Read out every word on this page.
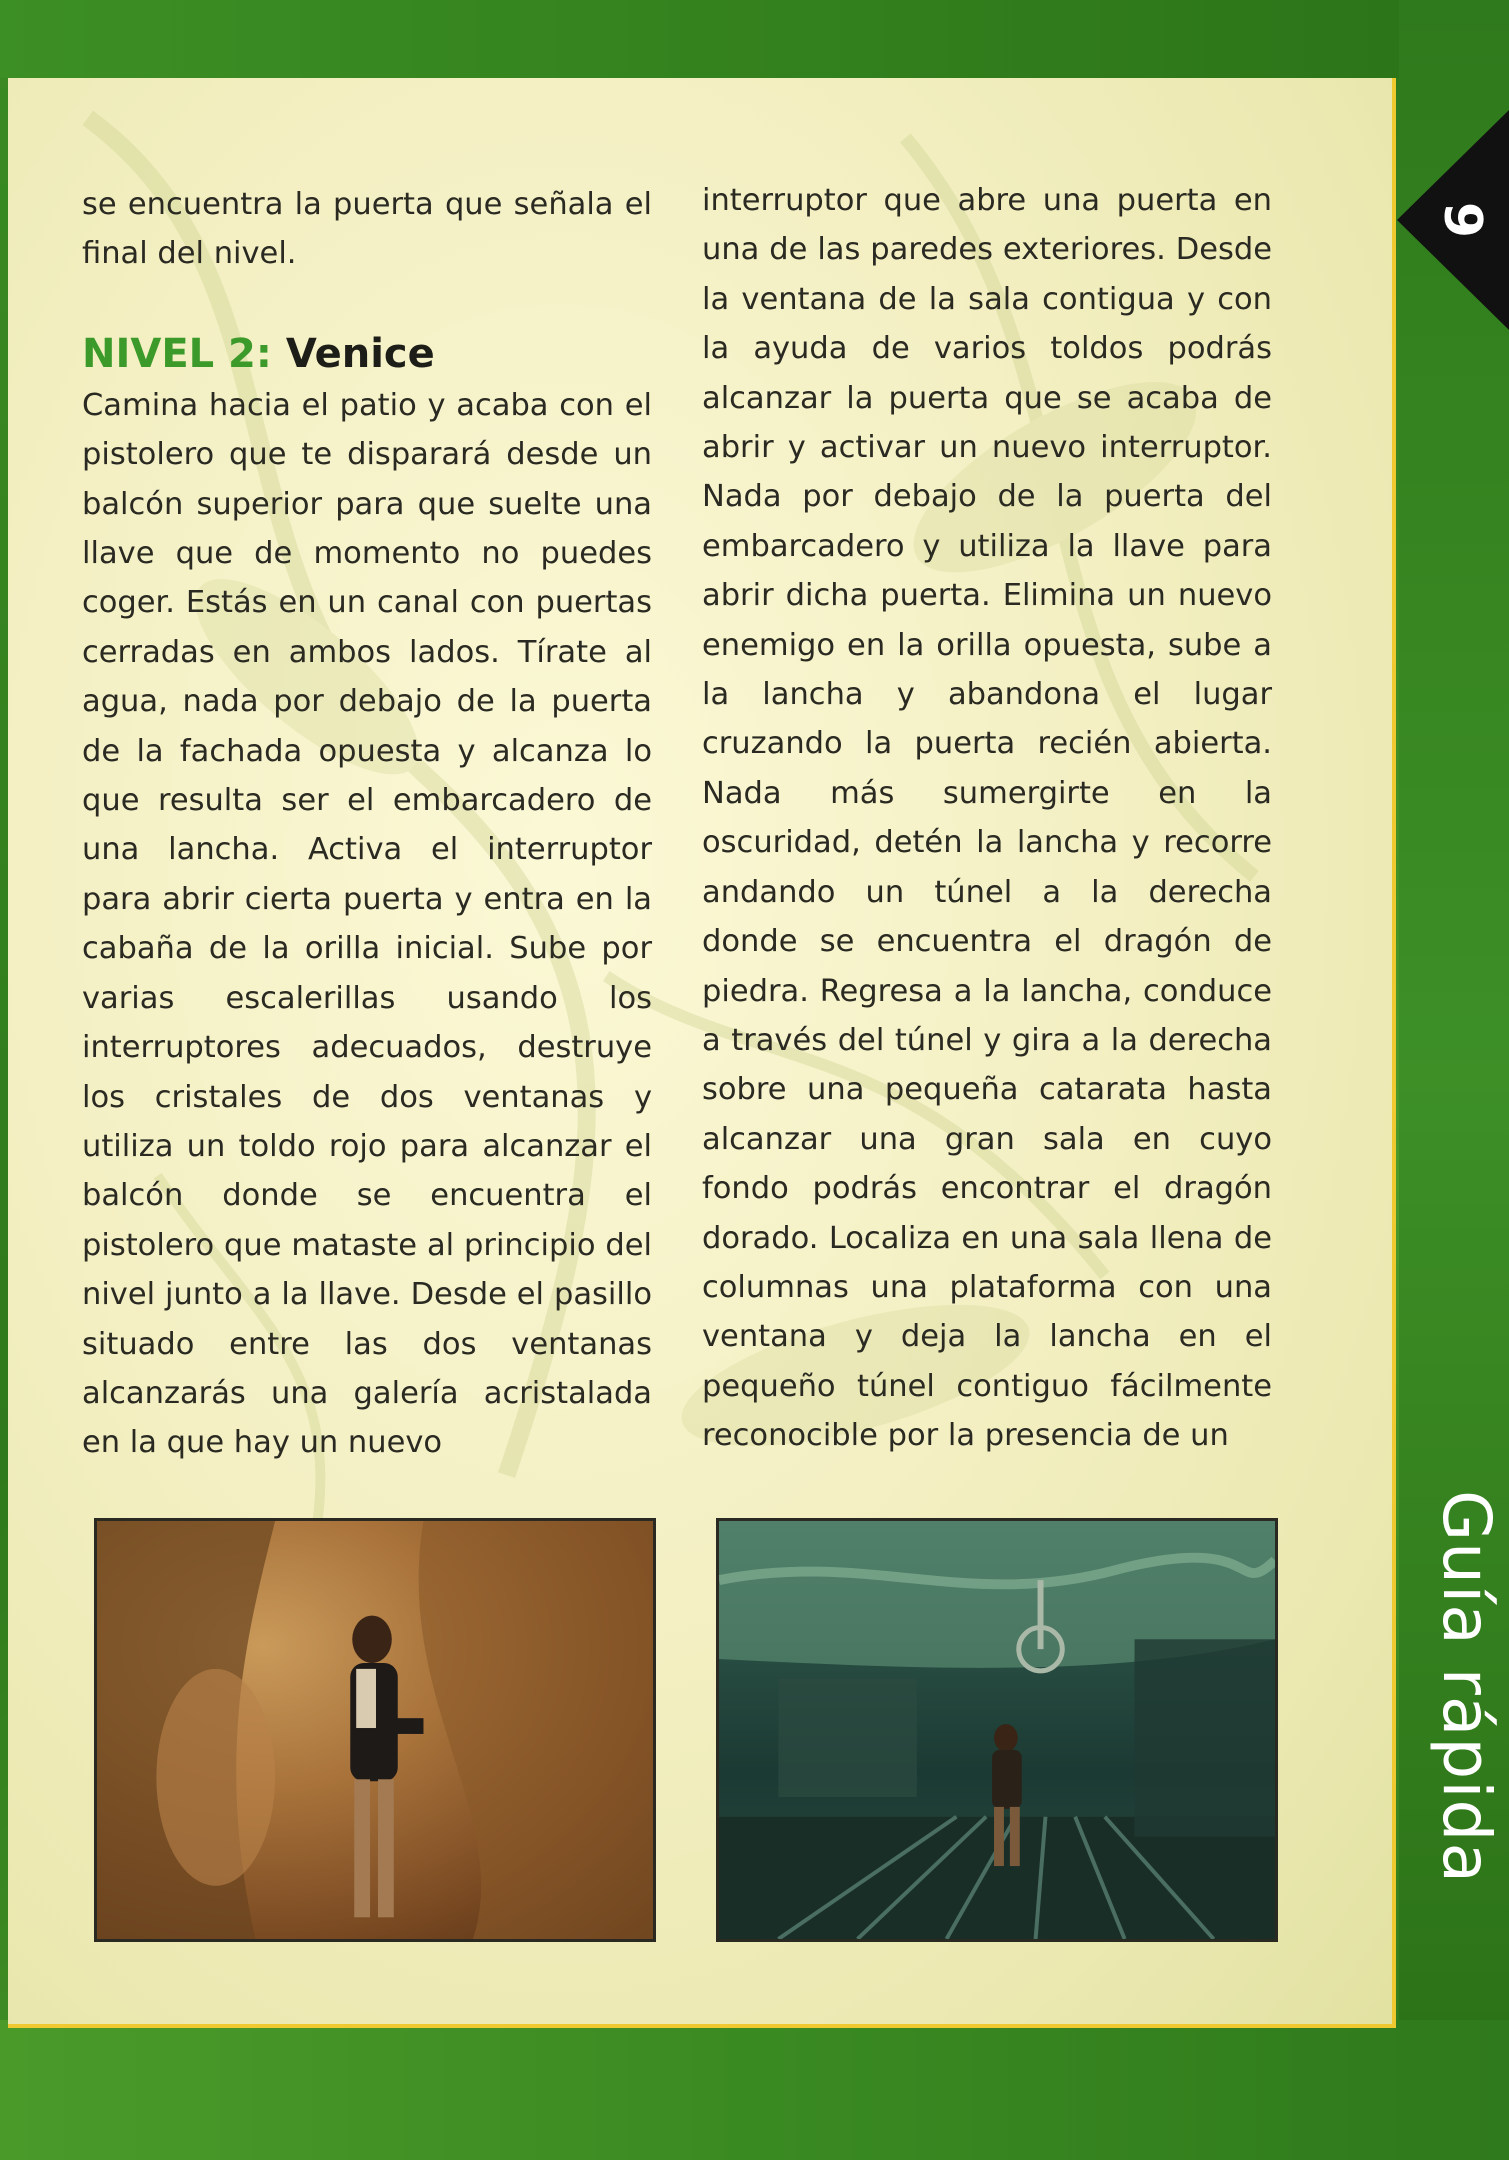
se encuentra la puerta que señala el final del nivel.

NIVEL 2: Venice

Camina hacia el patio y acaba con el pistolero que te disparará desde un balcón superior para que suelte una llave que de momento no puedes coger. Estás en un canal con puertas cerradas en ambos lados. Tírate al agua, nada por debajo de la puerta de la fachada opuesta y alcanza lo que resulta ser el embarcadero de una lancha. Activa el interruptor para abrir cierta puerta y entra en la cabaña de la orilla inicial. Sube por varias escalerillas usando los interruptores adecuados, destruye los cristales de dos ventanas y utiliza un toldo rojo para alcanzar el balcón donde se encuentra el pistolero que mataste al principio del nivel junto a la llave. Desde el pasillo situado entre las dos ventanas alcanzarás una galería acristalada en la que hay un nuevo

interruptor que abre una puerta en una de las paredes exteriores. Desde la ventana de la sala contigua y con la ayuda de varios toldos podrás alcanzar la puerta que se acaba de abrir y activar un nuevo interruptor. Nada por debajo de la puerta del embarcadero y utiliza la llave para abrir dicha puerta. Elimina un nuevo enemigo en la orilla opuesta, sube a la lancha y abandona el lugar cruzando la puerta recién abierta. Nada más sumergirte en la oscuridad, detén la lancha y recorre andando un túnel a la derecha donde se encuentra el dragón de piedra. Regresa a la lancha, conduce a través del túnel y gira a la derecha sobre una pequeña catarata hasta alcanzar una gran sala en cuyo fondo podrás encontrar el dragón dorado. Localiza en una sala llena de columnas una plataforma con una ventana y deja la lancha en el pequeño túnel contiguo fácilmente reconocible por la presencia de un

9
Guía rápida
